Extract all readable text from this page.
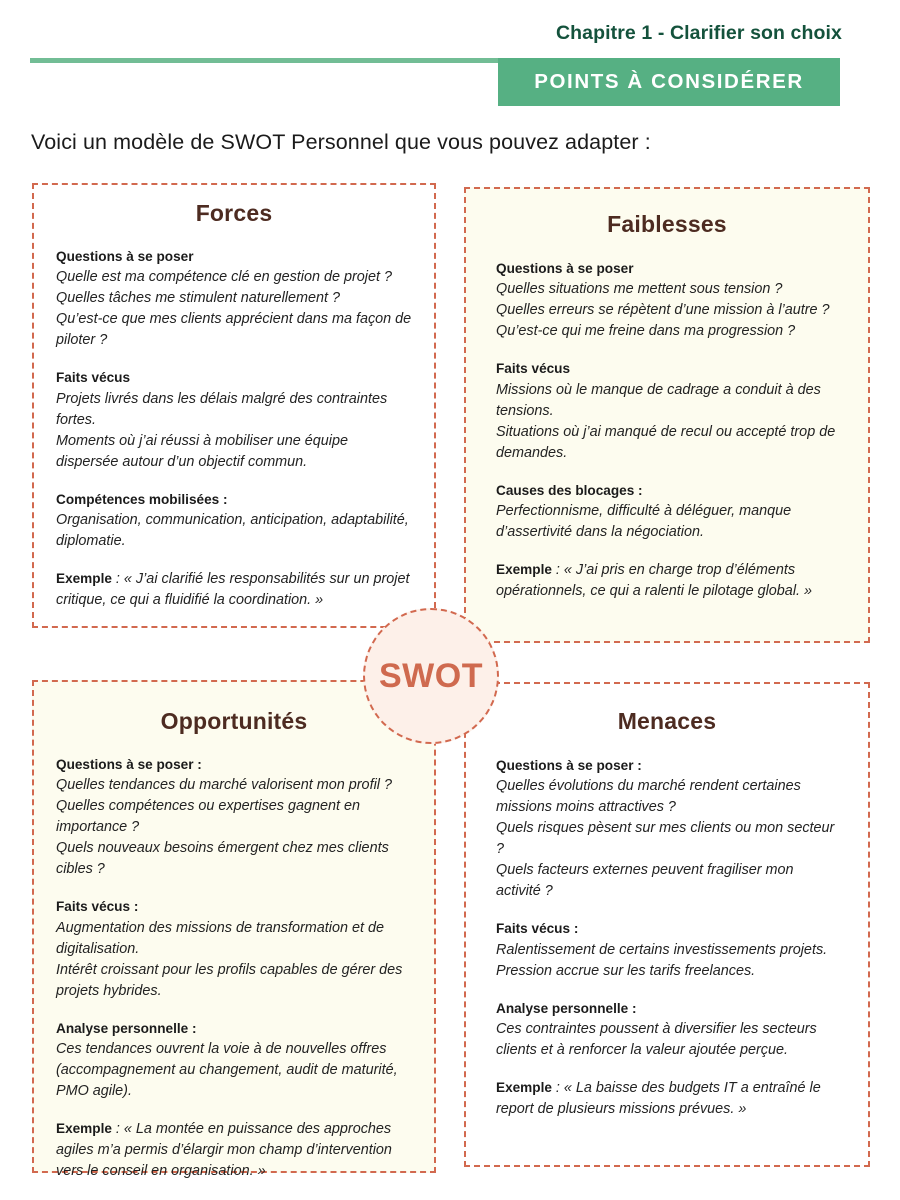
Chapitre 1 - Clarifier son choix
POINTS À CONSIDÉRER
Voici un modèle de SWOT Personnel que vous pouvez adapter :
Forces
Questions à se poser
Quelle est ma compétence clé en gestion de projet ?
Quelles tâches me stimulent naturellement ?
Qu’est-ce que mes clients apprécient dans ma façon de piloter ?
Faits vécus
Projets livrés dans les délais malgré des contraintes fortes.
Moments où j’ai réussi à mobiliser une équipe dispersée autour d’un objectif commun.
Compétences mobilisées :
Organisation, communication, anticipation, adaptabilité, diplomatie.
Exemple : « J’ai clarifié les responsabilités sur un projet critique, ce qui a fluidifié la coordination. »
Faiblesses
Questions à se poser
Quelles situations me mettent sous tension ?
Quelles erreurs se répètent d’une mission à l’autre ?
Qu’est-ce qui me freine dans ma progression ?
Faits vécus
Missions où le manque de cadrage a conduit à des tensions.
Situations où j’ai manqué de recul ou accepté trop de demandes.
Causes des blocages :
Perfectionnisme, difficulté à déléguer, manque d’assertivité dans la négociation.
Exemple : « J’ai pris en charge trop d’éléments opérationnels, ce qui a ralenti le pilotage global. »
Opportunités
Questions à se poser :
Quelles tendances du marché valorisent mon profil ?
Quelles compétences ou expertises gagnent en importance ?
Quels nouveaux besoins émergent chez mes clients cibles ?
Faits vécus :
Augmentation des missions de transformation et de digitalisation.
Intérêt croissant pour les profils capables de gérer des projets hybrides.
Analyse personnelle :
Ces tendances ouvrent la voie à de nouvelles offres (accompagnement au changement, audit de maturité, PMO agile).
Exemple : « La montée en puissance des approches agiles m’a permis d’élargir mon champ d’intervention vers le conseil en organisation. »
Menaces
Questions à se poser :
Quelles évolutions du marché rendent certaines missions moins attractives ?
Quels risques pèsent sur mes clients ou mon secteur ?
Quels facteurs externes peuvent fragiliser mon activité ?
Faits vécus :
Ralentissement de certains investissements projets.
Pression accrue sur les tarifs freelances.
Analyse personnelle :
Ces contraintes poussent à diversifier les secteurs clients et à renforcer la valeur ajoutée perçue.
Exemple : « La baisse des budgets IT a entraîné le report de plusieurs missions prévues. »
SWOT
